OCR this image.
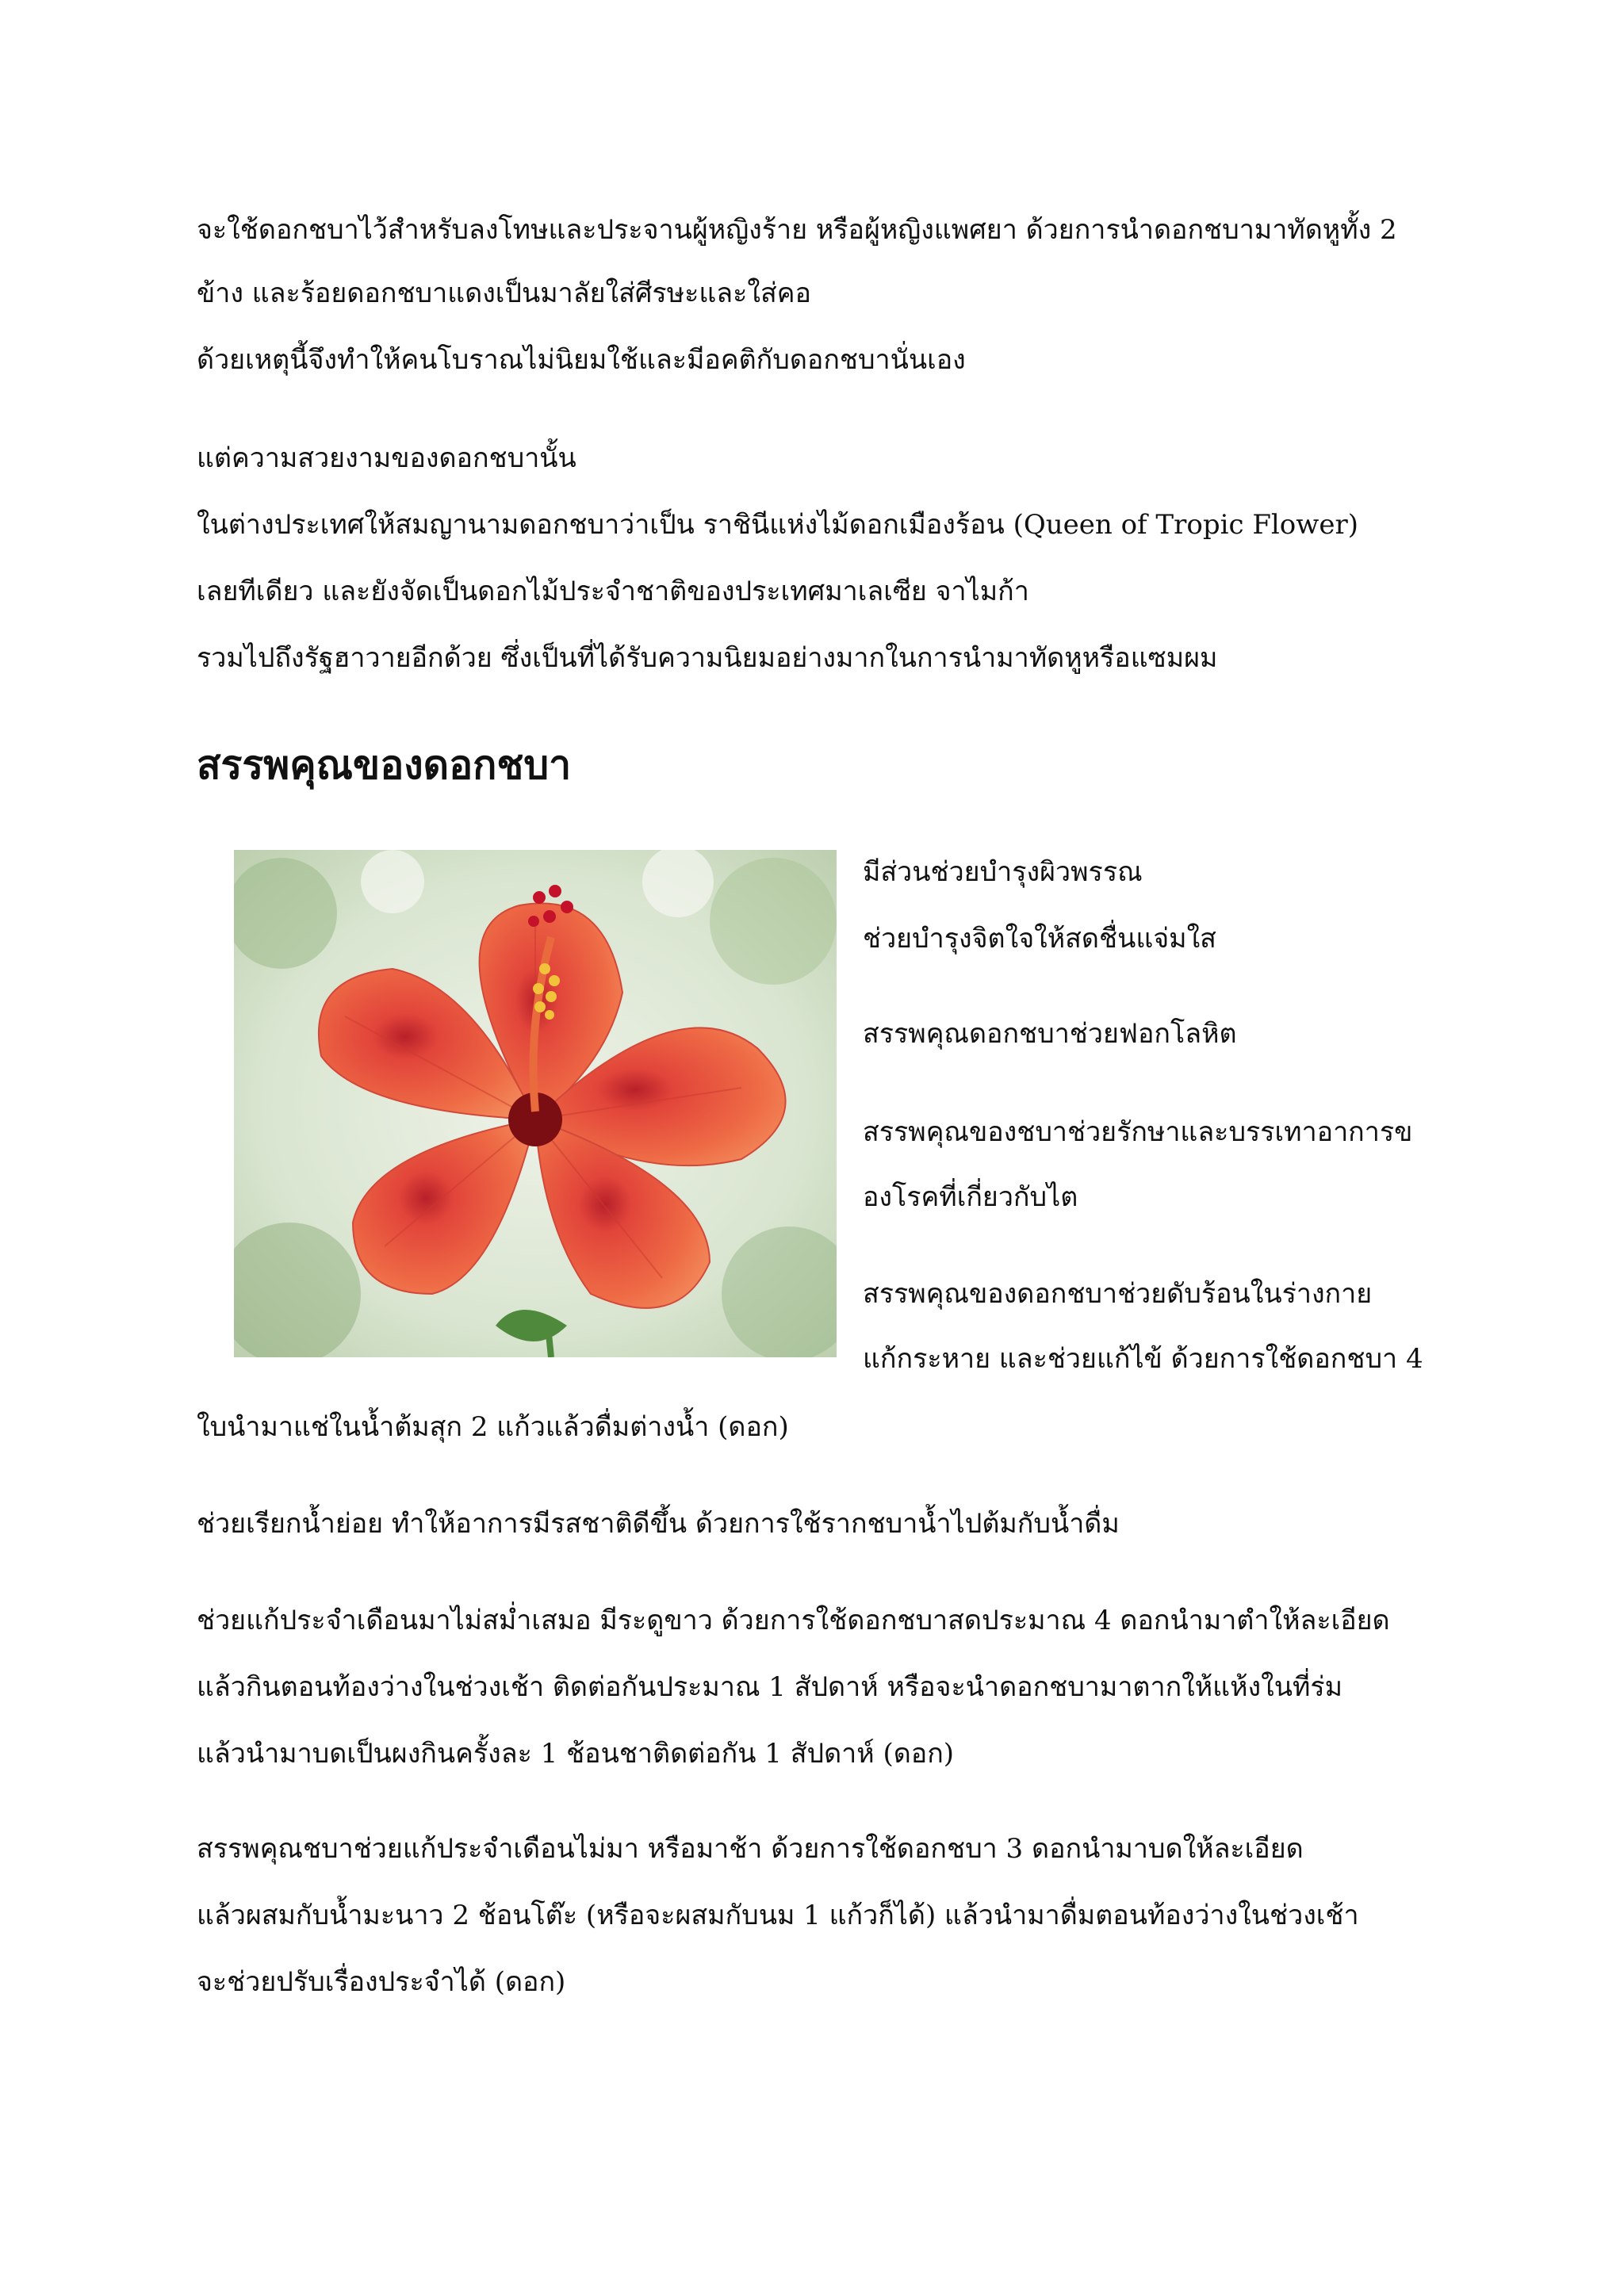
จะใช้ดอกชบาไว้สำหรับลงโทษและประจานผู้หญิงร้าย หรือผู้หญิงแพศยา ด้วยการนำดอกชบามาทัดหูทั้ง 2
ข้าง และร้อยดอกชบาแดงเป็นมาลัยใส่ศีรษะและใส่คอ
ด้วยเหตุนี้จึงทำให้คนโบราณไม่นิยมใช้และมีอคติกับดอกชบานั่นเอง
แต่ความสวยงามของดอกชบานั้น
ในต่างประเทศให้สมญานามดอกชบาว่าเป็น ราชินีแห่งไม้ดอกเมืองร้อน (Queen of Tropic Flower)
เลยทีเดียว และยังจัดเป็นดอกไม้ประจำชาติของประเทศมาเลเซีย จาไมก้า
รวมไปถึงรัฐฮาวายอีกด้วย ซึ่งเป็นที่ได้รับความนิยมอย่างมากในการนำมาทัดหูหรือแซมผม
สรรพคุณของดอกชบา
มีส่วนช่วยบำรุงผิวพรรณ
ช่วยบำรุงจิตใจให้สดชื่นแจ่มใส
สรรพคุณดอกชบาช่วยฟอกโลหิต
สรรพคุณของชบาช่วยรักษาและบรรเทาอาการข
องโรคที่เกี่ยวกับไต
สรรพคุณของดอกชบาช่วยดับร้อนในร่างกาย
แก้กระหาย และช่วยแก้ไข้ ด้วยการใช้ดอกชบา 4
ใบนำมาแช่ในน้ำต้มสุก 2 แก้วแล้วดื่มต่างน้ำ (ดอก)
ช่วยเรียกน้ำย่อย ทำให้อาการมีรสชาติดีขึ้น ด้วยการใช้รากชบาน้ำไปต้มกับน้ำดื่ม
ช่วยแก้ประจำเดือนมาไม่สม่ำเสมอ มีระดูขาว ด้วยการใช้ดอกชบาสดประมาณ 4 ดอกนำมาตำให้ละเอียด
แล้วกินตอนท้องว่างในช่วงเช้า ติดต่อกันประมาณ 1 สัปดาห์ หรือจะนำดอกชบามาตากให้แห้งในที่ร่ม
แล้วนำมาบดเป็นผงกินครั้งละ 1 ช้อนชาติดต่อกัน 1 สัปดาห์ (ดอก)
สรรพคุณชบาช่วยแก้ประจำเดือนไม่มา หรือมาช้า ด้วยการใช้ดอกชบา 3 ดอกนำมาบดให้ละเอียด
แล้วผสมกับน้ำมะนาว 2 ช้อนโต๊ะ (หรือจะผสมกับนม 1 แก้วก็ได้) แล้วนำมาดื่มตอนท้องว่างในช่วงเช้า
จะช่วยปรับเรื่องประจำได้ (ดอก)
